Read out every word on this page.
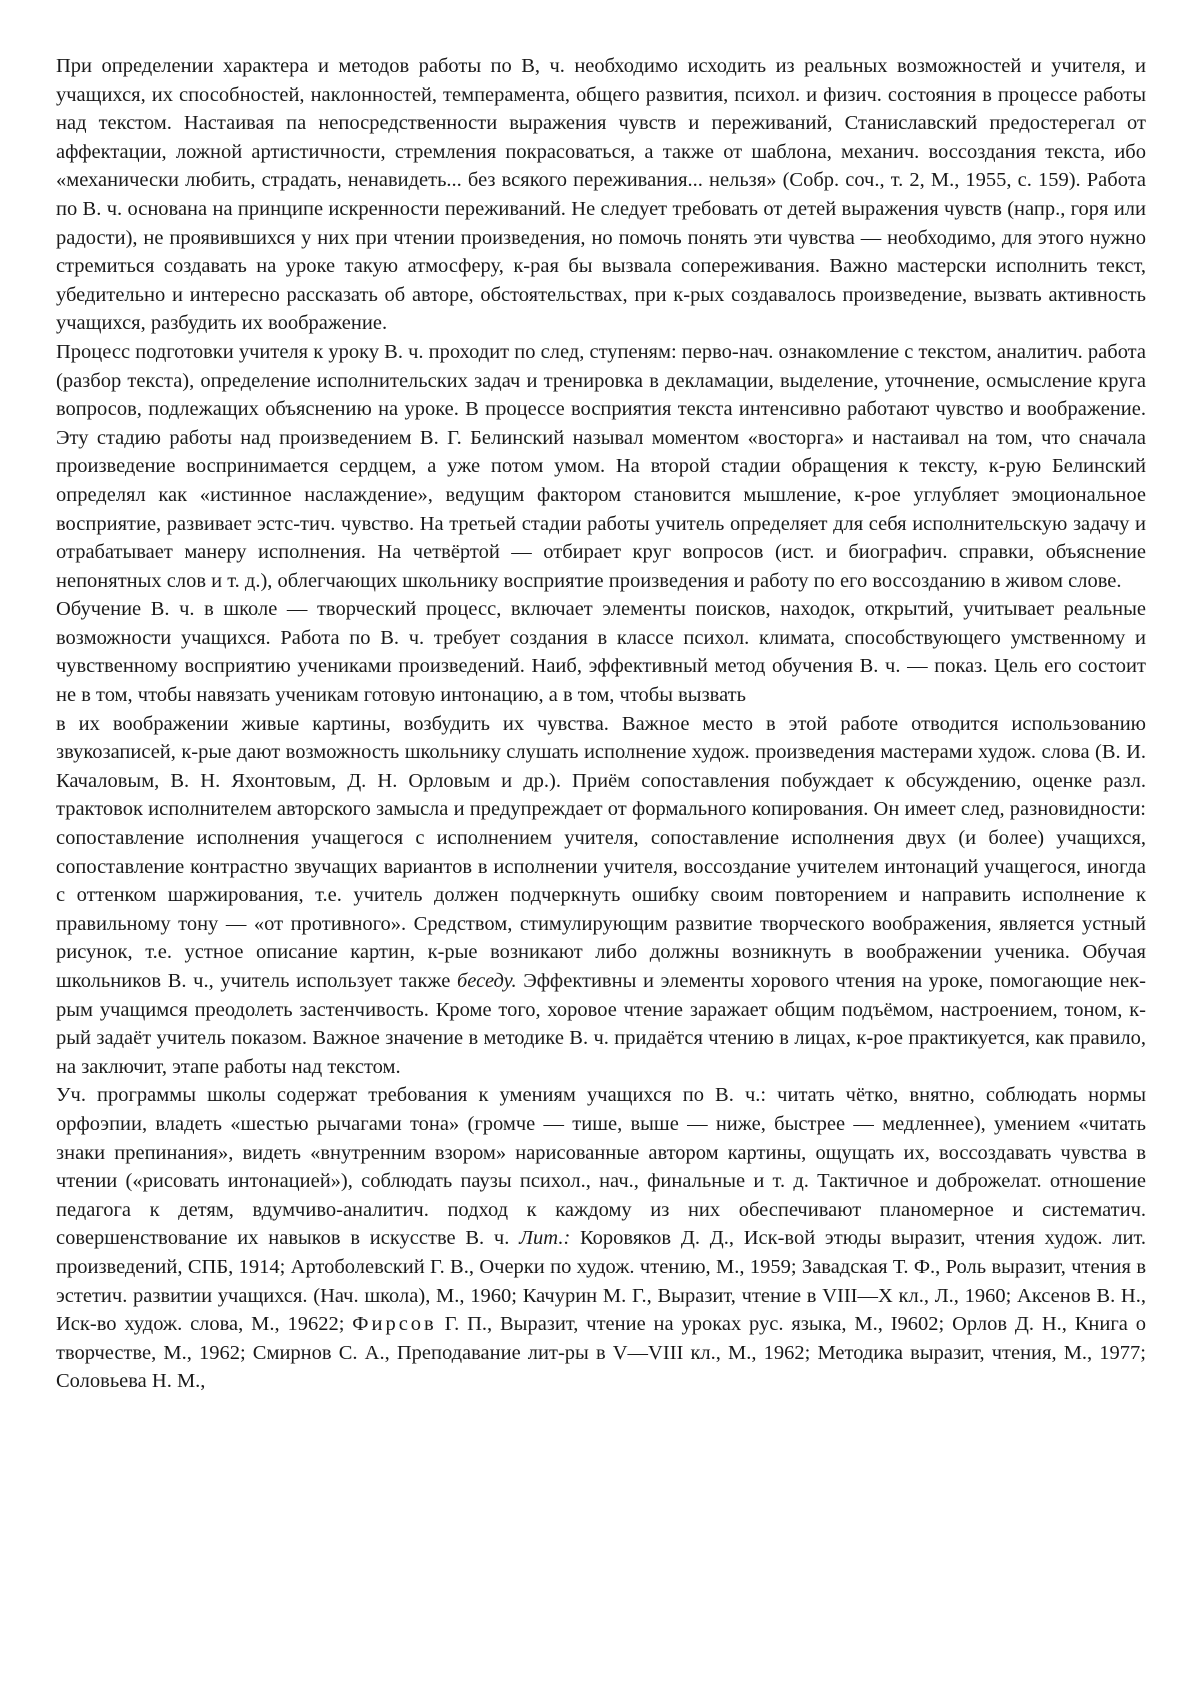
При определении характера и методов работы по В, ч. необходимо исходить из реальных возможностей и учителя, и учащихся, их способностей, наклонностей, темперамента, общего развития, психол. и физич. состояния в процессе работы над текстом. Настаивая па непосредственности выражения чувств и переживаний, Станиславский предостерегал от аффектации, ложной артистичности, стремления покрасоваться, а также от шаблона, механич. воссоздания текста, ибо «механически любить, страдать, ненавидеть... без всякого переживания... нельзя» (Собр. соч., т. 2, М., 1955, с. 159). Работа по В. ч. основана на принципе искренности переживаний. Не следует требовать от детей выражения чувств (напр., горя или радости), не проявившихся у них при чтении произведения, но помочь понять эти чувства — необходимо, для этого нужно стремиться создавать на уроке такую атмосферу, к-рая бы вызвала сопереживания. Важно мастерски исполнить текст, убедительно и интересно рассказать об авторе, обстоятельствах, при к-рых создавалось произведение, вызвать активность учащихся, разбудить их воображение.

Процесс подготовки учителя к уроку В. ч. проходит по след, ступеням: перво-нач. ознакомление с текстом, аналитич. работа (разбор текста), определение исполнительских задач и тренировка в декламации, выделение, уточнение, осмысление круга вопросов, подлежащих объяснению на уроке. В процессе восприятия текста интенсивно работают чувство и воображение. Эту стадию работы над произведением В. Г. Белинский называл моментом «восторга» и настаивал на том, что сначала произведение воспринимается сердцем, а уже потом умом. На второй стадии обращения к тексту, к-рую Белинский определял как «истинное наслаждение», ведущим фактором становится мышление, к-рое углубляет эмоциональное восприятие, развивает эстс-тич. чувство. На третьей стадии работы учитель определяет для себя исполнительскую задачу и отрабатывает манеру исполнения. На четвёртой — отбирает круг вопросов (ист. и биографич. справки, объяснение непонятных слов и т. д.), облегчающих школьнику восприятие произведения и работу по его воссозданию в живом слове.

Обучение В. ч. в школе — творческий процесс, включает элементы поисков, находок, открытий, учитывает реальные возможности учащихся. Работа по В. ч. требует создания в классе психол. климата, способствующего умственному и чувственному восприятию учениками произведений. Наиб, эффективный метод обучения В. ч. — показ. Цель его состоит не в том, чтобы навязать ученикам готовую интонацию, а в том, чтобы вызвать

в их воображении живые картины, возбудить их чувства. Важное место в этой работе отводится использованию звукозаписей, к-рые дают возможность школьнику слушать исполнение худож. произведения мастерами худож. слова (В. И. Качаловым, В. Н. Яхонтовым, Д. Н. Орловым и др.). Приём сопоставления побуждает к обсуждению, оценке разл. трактовок исполнителем авторского замысла и предупреждает от формального копирования. Он имеет след, разновидности: сопоставление исполнения учащегося с исполнением учителя, сопоставление исполнения двух (и более) учащихся, сопоставление контрастно звучащих вариантов в исполнении учителя, воссоздание учителем интонаций учащегося, иногда с оттенком шаржирования, т.е. учитель должен подчеркнуть ошибку своим повторением и направить исполнение к правильному тону — «от противного». Средством, стимулирующим развитие творческого воображения, является устный рисунок, т.е. устное описание картин, к-рые возникают либо должны возникнуть в воображении ученика. Обучая школьников В. ч., учитель использует также беседу. Эффективны и элементы хорового чтения на уроке, помогающие нек-рым учащимся преодолеть застенчивость. Кроме того, хоровое чтение заражает общим подъёмом, настроением, тоном, к-рый задаёт учитель показом. Важное значение в методике В. ч. придаётся чтению в лицах, к-рое практикуется, как правило, на заключит, этапе работы над текстом.

Уч. программы школы содержат требования к умениям учащихся по В. ч.: читать чётко, внятно, соблюдать нормы орфоэпии, владеть «шестью рычагами тона» (громче — тише, выше — ниже, быстрее — медленнее), умением «читать знаки препинания», видеть «внутренним взором» нарисованные автором картины, ощущать их, воссоздавать чувства в чтении («рисовать интонацией»), соблюдать паузы психол., нач., финальные и т. д. Тактичное и доброжелат. отношение педагога к детям, вдумчиво-аналитич. подход к каждому из них обеспечивают планомерное и систематич. совершенствование их навыков в искусстве В. ч. Лит.: Коровяков Д. Д., Иск-вой этюды выразит, чтения худож. лит. произведений, СПБ, 1914; Артоболевский Г. В., Очерки по худож. чтению, М., 1959; Завадская Т. Ф., Роль выразит, чтения в эстетич. развитии учащихся. (Нач. школа), М., 1960; Качурин М. Г., Выразит, чтение в VIII—X кл., Л., 1960; Аксенов В. Н., Иск-во худож. слова, М., 19622; Фирсов Г. П., Выразит, чтение на уроках рус. языка, М., I9602; Орлов Д. Н., Книга о творчестве, М., 1962; Смирнов С. А., Преподавание лит-ры в V—VIII кл., М., 1962; Методика выразит, чтения, М., 1977; Соловьева Н. М.,
